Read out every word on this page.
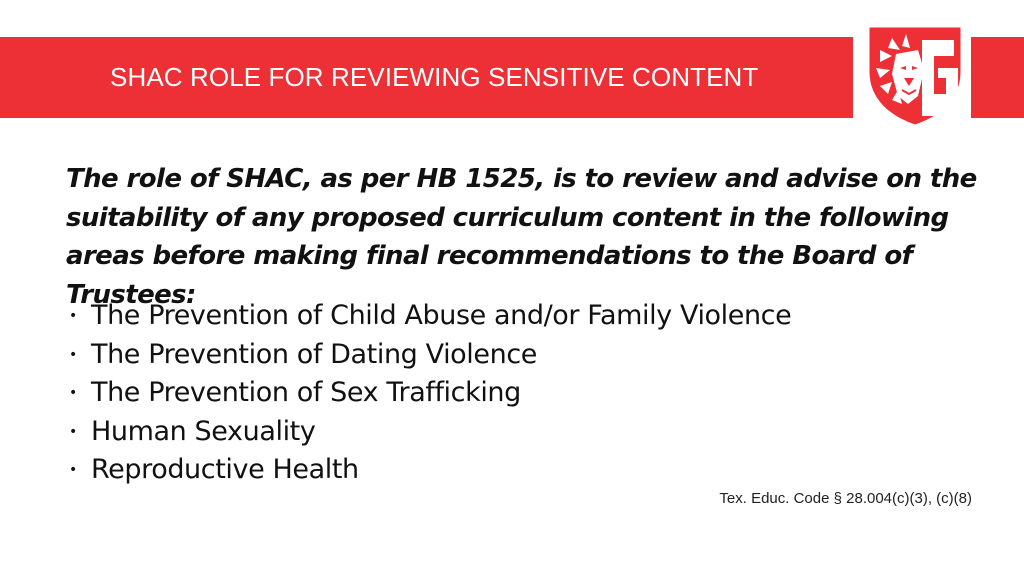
SHAC ROLE FOR REVIEWING SENSITIVE CONTENT
The role of SHAC, as per HB 1525, is to review and advise on the suitability of any proposed curriculum content in the following areas before making final recommendations to the Board of Trustees:
• The Prevention of Child Abuse and/or Family Violence
• The Prevention of Dating Violence
• The Prevention of Sex Trafficking
• Human Sexuality
• Reproductive Health
Tex. Educ. Code § 28.004(c)(3), (c)(8)
